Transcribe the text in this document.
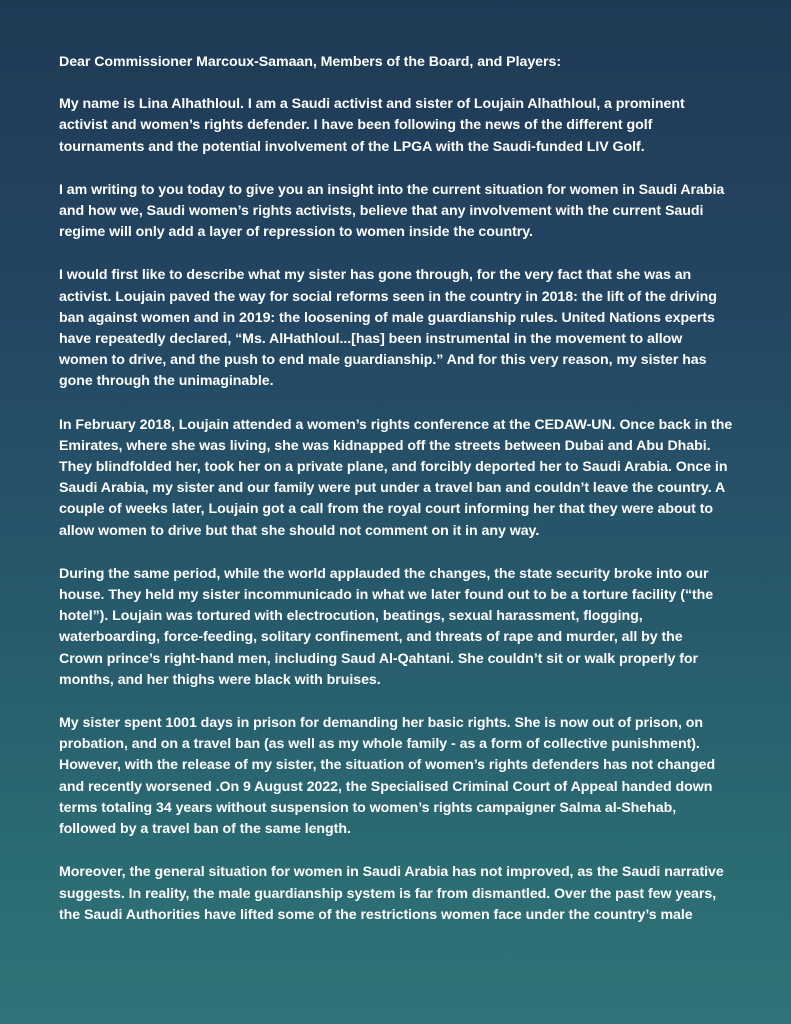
Dear Commissioner Marcoux-Samaan, Members of the Board, and Players:

My name is Lina Alhathloul. I am a Saudi activist and sister of Loujain Alhathloul, a prominent
activist and women’s rights defender. I have been following the news of the different golf
tournaments and the potential involvement of the LPGA with the Saudi-funded LIV Golf.

I am writing to you today to give you an insight into the current situation for women in Saudi Arabia
and how we, Saudi women’s rights activists, believe that any involvement with the current Saudi
regime will only add a layer of repression to women inside the country.

I would first like to describe what my sister has gone through, for the very fact that she was an
activist. Loujain paved the way for social reforms seen in the country in 2018: the lift of the driving
ban against women and in 2019: the loosening of male guardianship rules. United Nations experts
have repeatedly declared, “Ms. AlHathloul...[has] been instrumental in the movement to allow
women to drive, and the push to end male guardianship.” And for this very reason, my sister has
gone through the unimaginable.

In February 2018, Loujain attended a women’s rights conference at the CEDAW-UN. Once back in the
Emirates, where she was living, she was kidnapped off the streets between Dubai and Abu Dhabi.
They blindfolded her, took her on a private plane, and forcibly deported her to Saudi Arabia. Once in
Saudi Arabia, my sister and our family were put under a travel ban and couldn’t leave the country. A
couple of weeks later, Loujain got a call from the royal court informing her that they were about to
allow women to drive but that she should not comment on it in any way.

During the same period, while the world applauded the changes, the state security broke into our
house. They held my sister incommunicado in what we later found out to be a torture facility (“the
hotel”). Loujain was tortured with electrocution, beatings, sexual harassment, flogging,
waterboarding, force-feeding, solitary confinement, and threats of rape and murder, all by the
Crown prince’s right-hand men, including Saud Al-Qahtani. She couldn’t sit or walk properly for
months, and her thighs were black with bruises.

My sister spent 1001 days in prison for demanding her basic rights. She is now out of prison, on
probation, and on a travel ban (as well as my whole family - as a form of collective punishment).
However, with the release of my sister, the situation of women’s rights defenders has not changed
and recently worsened .On 9 August 2022, the Specialised Criminal Court of Appeal handed down
terms totaling 34 years without suspension to women’s rights campaigner Salma al-Shehab,
followed by a travel ban of the same length.

Moreover, the general situation for women in Saudi Arabia has not improved, as the Saudi narrative
suggests. In reality, the male guardianship system is far from dismantled. Over the past few years,
the Saudi Authorities have lifted some of the restrictions women face under the country’s male
